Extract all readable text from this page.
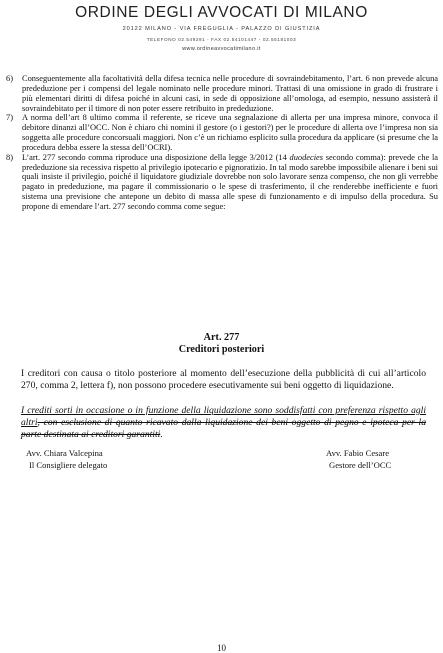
ORDINE DEGLI AVVOCATI DI MILANO
20122 MILANO - VIA FREGUGLIA - PALAZZO DI GIUSTIZIA
TELEFONO 02.549291 - FAX 02.54101447 - 02.55181003
www.ordineavvocatimilano.it
6)	Conseguentemente alla facoltatività della difesa tecnica nelle procedure di sovraindebitamento, l’art. 6 non prevede alcuna prededuzione per i compensi del legale nominato nelle procedure minori. Trattasi di una omissione in grado di frustrare i più elementari diritti di difesa poiché in alcuni casi, in sede di opposizione all’omologa, ad esempio, nessuno assisterà il sovraindebitato per il timore di non poter essere retribuito in prededuzione.
7)	A norma dell’art 8 ultimo comma il referente, se riceve una segnalazione di allerta per una impresa minore, convoca il debitore dinanzi all’OCC. Non è chiaro chi nomini il gestore (o i gestori?) per le procedure di allerta ove l’impresa non sia soggetta alle procedure concorsuali maggiori. Non c’è un richiamo esplicito sulla procedura da applicare (si presume che la procedura debba essere la stessa dell’OCRI).
8)	L’art. 277 secondo comma riproduce una disposizione della legge 3/2012 (14 duodecies secondo comma): prevede che la prededuzione sia recessiva rispetto al privilegio ipotecario e pignoratizio. In tal modo sarebbe impossibile alienare i beni sui quali insiste il privilegio, poiché il liquidatore giudiziale dovrebbe non solo lavorare senza compenso, che non gli verrebbe pagato in prededuzione, ma pagare il commissionario o le spese di trasferimento, il che renderebbe inefficiente e fuori sistema una previsione che antepone un debito di massa alle spese di funzionamento e di impulso della procedura. Su propone di emendare l’art. 277 secondo comma come segue:
Art. 277
Creditori posteriori
I creditori con causa o titolo posteriore al momento dell’esecuzione della pubblicità di cui all’articolo 270, comma 2, lettera f), non possono procedere esecutivamente sui beni oggetto di liquidazione.
I crediti sorti in occasione o in funzione della liquidazione sono soddisfatti con preferenza rispetto agli altri, con esclusione di quanto ricavato dalla liquidazione dei beni oggetto di pegno e ipoteca per la parte destinata ai creditori garantiti.
Avv. Chiara Valcepina
Il Consigliere delegato
Avv. Fabio Cesare
Gestore dell’OCC
10
